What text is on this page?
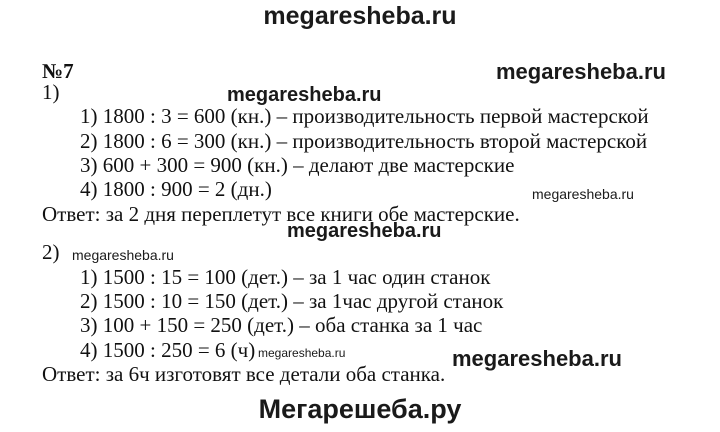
megaresheba.ru
№7	megaresheba.ru
1)	megaresheba.ru
1) 1800 : 3 = 600 (кн.) – производительность первой мастерской
2) 1800 : 6 = 300 (кн.) – производительность второй мастерской
3) 600 + 300 = 900 (кн.) – делают две мастерские
4) 1800 : 900 = 2 (дн.)	megaresheba.ru
Ответ: за 2 дня переплетут все книги обе мастерские.
megaresheba.ru
2) megaresheba.ru
1) 1500 : 15 = 100 (дет.) – за 1 час один станок
2) 1500 : 10 = 150 (дет.) – за 1час другой станок
3) 100 + 150 = 250 (дет.) – оба станка за 1 час
4) 1500 : 250 = 6 (ч) megaresheba.ru	megaresheba.ru
Ответ: за 6ч изготовят все детали оба станка.
Мегарешеба.ру
